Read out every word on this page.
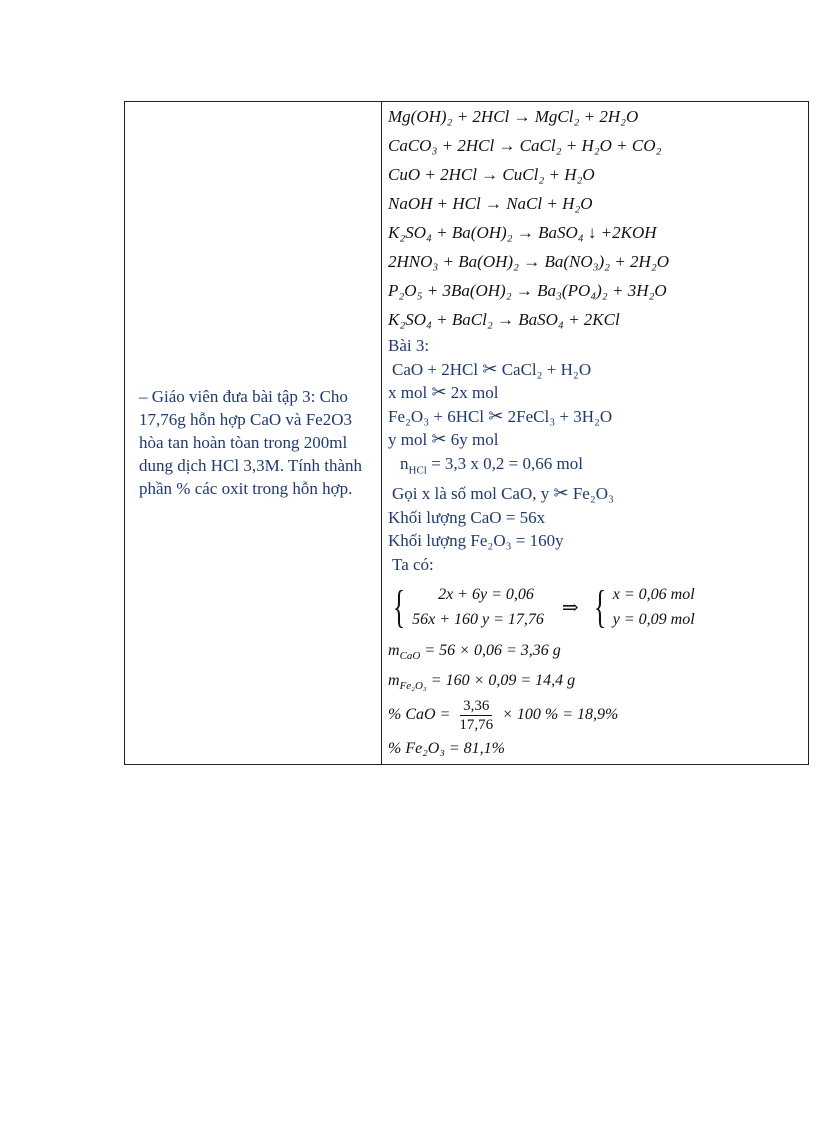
– Giáo viên đưa bài tập 3: Cho 17,76g hỗn hợp CaO và Fe2O3 hòa tan hoàn tòan trong 200ml dung dịch HCl 3,3M. Tính thành phần % các oxit trong hỗn hợp.

Mg(OH)₂ + 2HCl → MgCl₂ + 2H₂O
CaCO₃ + 2HCl → CaCl₂ + H₂O + CO₂
CuO + 2HCl → CuCl₂ + H₂O
NaOH + HCl → NaCl + H₂O
K₂SO₄ + Ba(OH)₂ → BaSO₄ ↓ +2KOH
2HNO₃ + Ba(OH)₂ → Ba(NO₃)₂ + 2H₂O
P₂O₅ + 3Ba(OH)₂ → Ba₃(PO₄)₂ + 3H₂O
K₂SO₄ + BaCl₂ → BaSO₄ + 2KCl
Bài 3:
CaO + 2HCl ✂ CaCl₂ + H₂O
x mol ✂ 2x mol
Fe₂O₃ + 6HCl ✂ 2FeCl₃ + 3H₂O
y mol ✂ 6y mol
$n_{HCl} = 3,3$ x 0,2 = 0,66 mol
Gọi x là số mol CaO, y ✂ Fe₂O₃
Khối lượng CaO = 56x
Khối lượng Fe₂O₃ = 160y
Ta có:
{	2x + 6y = 0,06
56x + 160 y = 17,76
⇒ { x = 0,06 mol
y = 0,09 mol
$m_{CaO} = 56 \times 0,06 = 3,36$ g
$m_{Fe_2O_3} = 160 \times 0,09 = 14,4$ g
% CaO = $\frac{3,36}{17,76} \times 100$ % = 18,9%
% Fe₂O₃ = 81,1%
